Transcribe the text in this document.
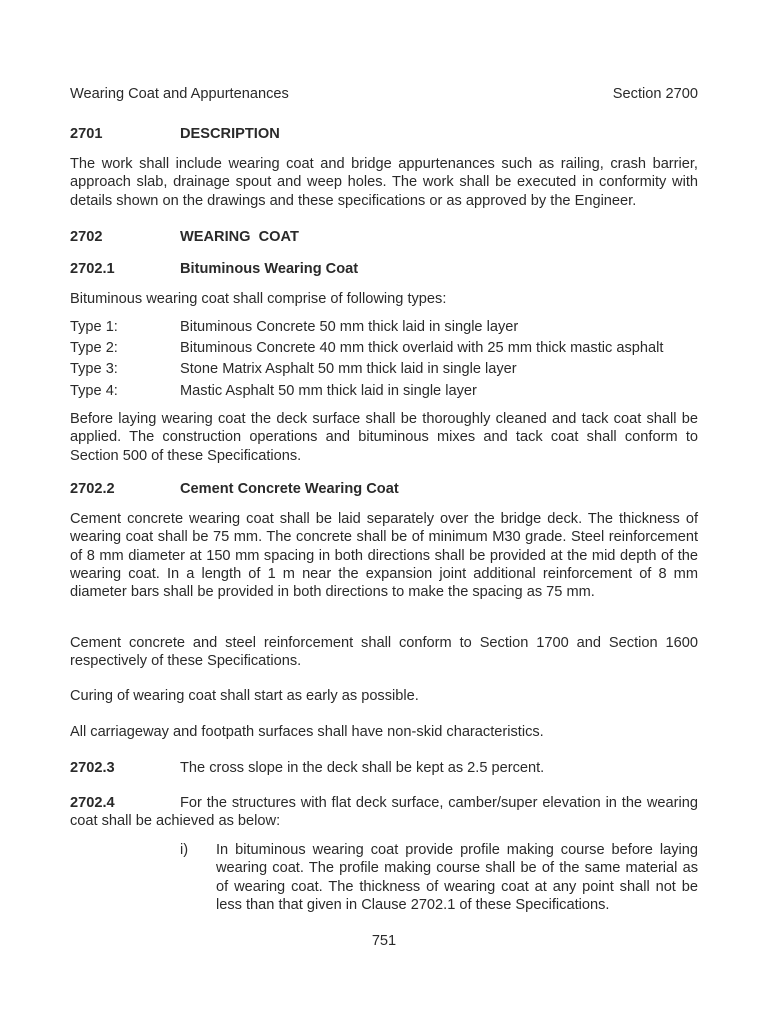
Wearing Coat and Appurtenances	Section 2700
2701	DESCRIPTION

The work shall include wearing coat and bridge appurtenances such as railing, crash barrier, approach slab, drainage spout and weep holes. The work shall be executed in conformity with details shown on the drawings and these specifications or as approved by the Engineer.

2702	WEARING  COAT
2702.1	Bituminous Wearing Coat

Bituminous wearing coat shall comprise of following types:

Type 1:	Bituminous Concrete 50 mm thick laid in single layer
Type 2:	Bituminous Concrete 40 mm thick overlaid with 25 mm thick mastic asphalt
Type 3:	Stone Matrix Asphalt 50 mm thick laid in single layer
Type 4:	Mastic Asphalt 50 mm thick laid in single layer

Before laying wearing coat the deck surface shall be thoroughly cleaned and tack coat shall be applied. The construction operations and bituminous mixes and tack coat shall conform to Section 500 of these Specifications.

2702.2	Cement Concrete Wearing Coat

Cement concrete wearing coat shall be laid separately over the bridge deck. The thickness of wearing coat shall be 75 mm. The concrete shall be of minimum M30 grade. Steel reinforcement of 8 mm diameter at 150 mm spacing in both directions shall be provided at the mid depth of the wearing coat. In a length of 1 m near the expansion joint additional reinforcement of 8 mm diameter bars shall be provided in both directions to make the spacing as 75 mm.

Cement concrete and steel reinforcement shall conform to Section 1700 and Section 1600 respectively of these Specifications.

Curing of wearing coat shall start as early as possible.

All carriageway and footpath surfaces shall have non-skid characteristics.

2702.3	The cross slope in the deck shall be kept as 2.5 percent.

2702.4	For the structures with flat deck surface, camber/super elevation in the wearing coat shall be achieved as below:

i)	In bituminous wearing coat provide profile making course before laying wearing coat. The profile making course shall be of the same material as of wearing coat. The thickness of wearing coat at any point shall not be less than that given in Clause 2702.1 of these Specifications.
751
